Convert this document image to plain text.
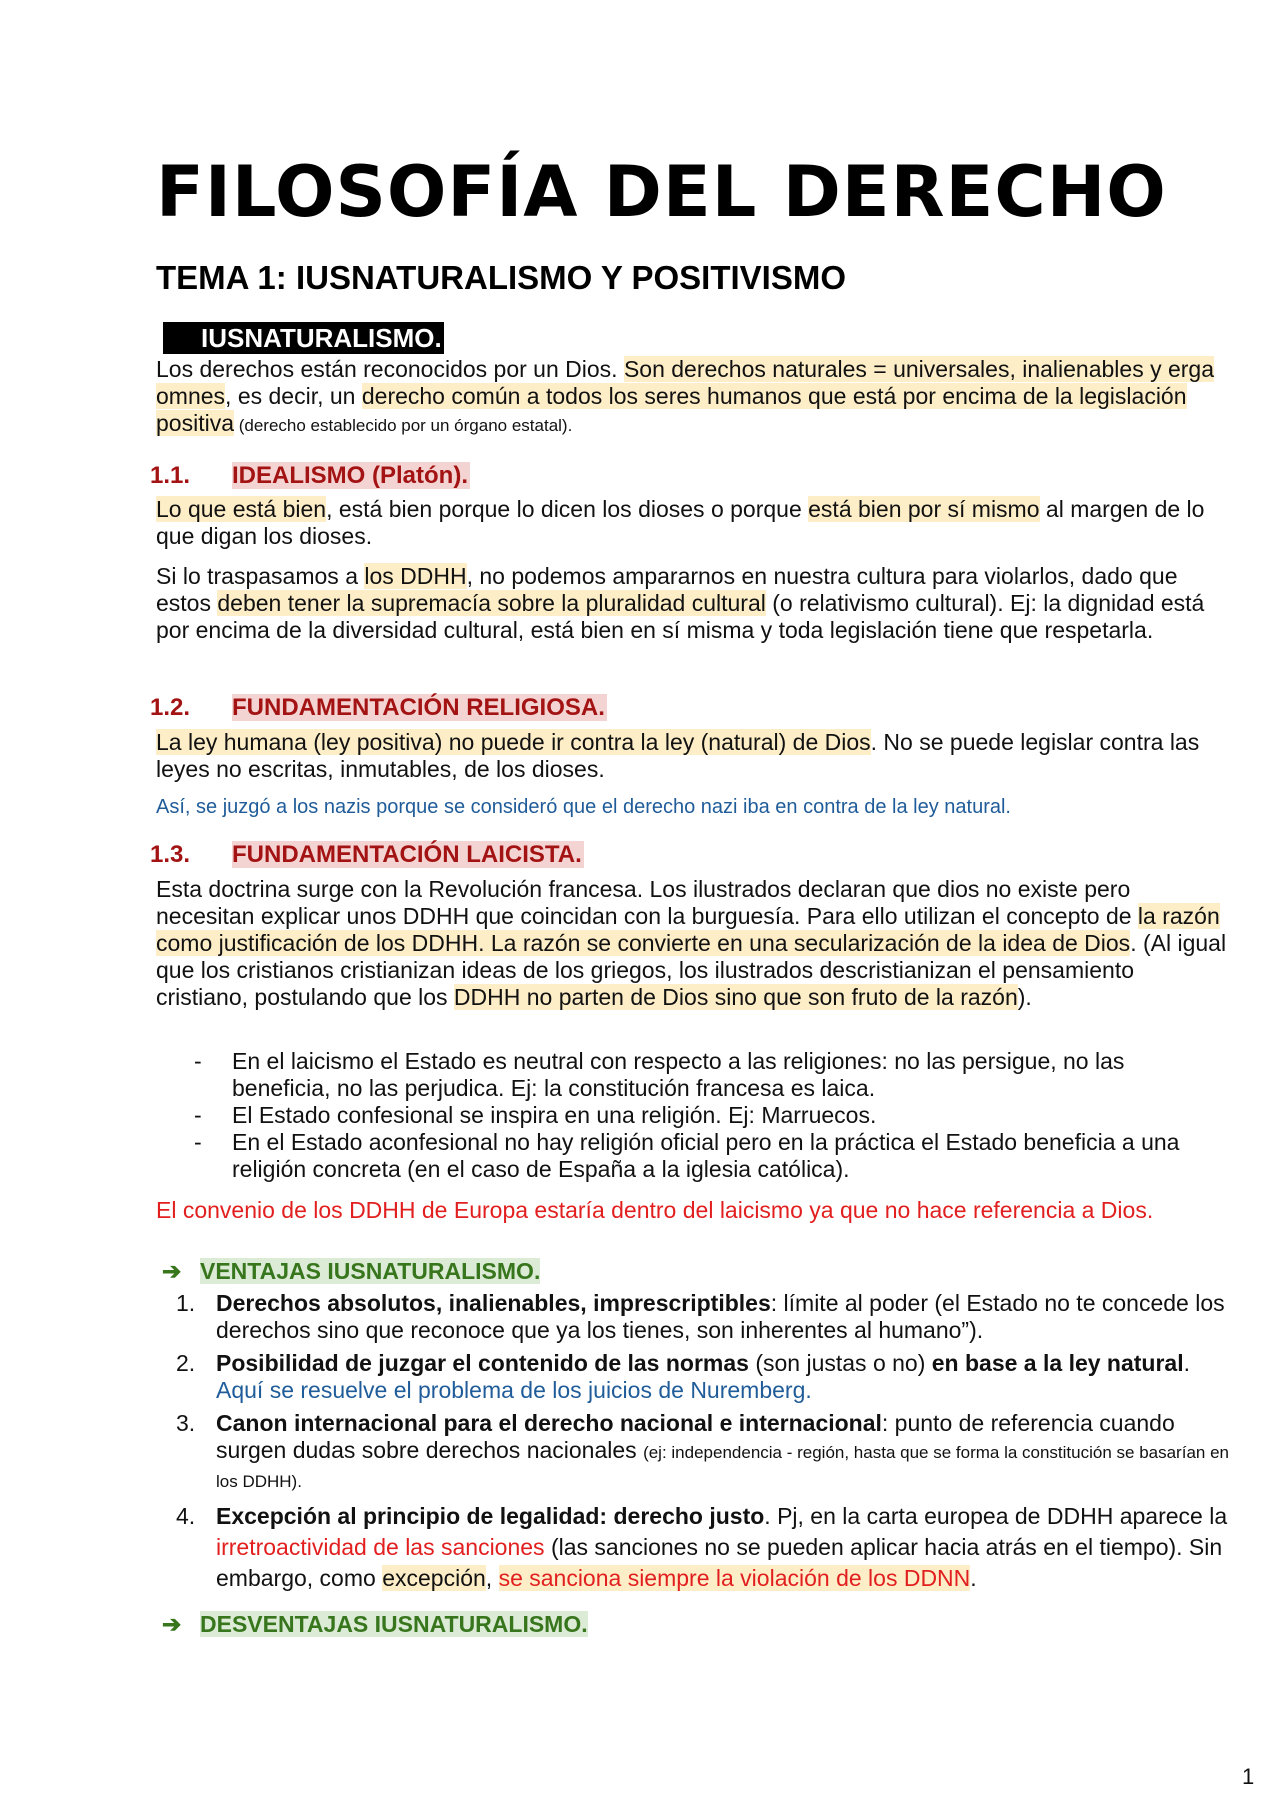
FILOSOFÍA DEL DERECHO
TEMA 1: IUSNATURALISMO Y POSITIVISMO
IUSNATURALISMO.

Los derechos están reconocidos por un Dios. Son derechos naturales = universales, inalienables y erga omnes, es decir, un derecho común a todos los seres humanos que está por encima de la legislación positiva (derecho establecido por un órgano estatal).

1.1. IDEALISMO (Platón).

Lo que está bien, está bien porque lo dicen los dioses o porque está bien por sí mismo al margen de lo que digan los dioses.

Si lo traspasamos a los DDHH, no podemos ampararnos en nuestra cultura para violarlos, dado que estos deben tener la supremacía sobre la pluralidad cultural (o relativismo cultural). Ej: la dignidad está por encima de la diversidad cultural, está bien en sí misma y toda legislación tiene que respetarla.

1.2. FUNDAMENTACIÓN RELIGIOSA.

La ley humana (ley positiva) no puede ir contra la ley (natural) de Dios. No se puede legislar contra las leyes no escritas, inmutables, de los dioses.

Así, se juzgó a los nazis porque se consideró que el derecho nazi iba en contra de la ley natural.

1.3. FUNDAMENTACIÓN LAICISTA.

Esta doctrina surge con la Revolución francesa. Los ilustrados declaran que dios no existe pero necesitan explicar unos DDHH que coincidan con la burguesía. Para ello utilizan el concepto de la razón como justificación de los DDHH. La razón se convierte en una secularización de la idea de Dios. (Al igual que los cristianos cristianizan ideas de los griegos, los ilustrados descristianizan el pensamiento cristiano, postulando que los DDHH no parten de Dios sino que son fruto de la razón).

- En el laicismo el Estado es neutral con respecto a las religiones: no las persigue, no las beneficia, no las perjudica. Ej: la constitución francesa es laica.
- El Estado confesional se inspira en una religión. Ej: Marruecos.
- En el Estado aconfesional no hay religión oficial pero en la práctica el Estado beneficia a una religión concreta (en el caso de España a la iglesia católica).

El convenio de los DDHH de Europa estaría dentro del laicismo ya que no hace referencia a Dios.

➔ VENTAJAS IUSNATURALISMO.
1. Derechos absolutos, inalienables, imprescriptibles: límite al poder (el Estado no te concede los derechos sino que reconoce que ya los tienes, son inherentes al humano”).
2. Posibilidad de juzgar el contenido de las normas (son justas o no) en base a la ley natural.
Aquí se resuelve el problema de los juicios de Nuremberg.
3. Canon internacional para el derecho nacional e internacional: punto de referencia cuando surgen dudas sobre derechos nacionales (ej: independencia - región, hasta que se forma la constitución se basarían en los DDHH).
4. Excepción al principio de legalidad: derecho justo. Pj, en la carta europea de DDHH aparece la irretroactividad de las sanciones (las sanciones no se pueden aplicar hacia atrás en el tiempo). Sin embargo, como excepción, se sanciona siempre la violación de los DDNN.
➔ DESVENTAJAS IUSNATURALISMO.
1
